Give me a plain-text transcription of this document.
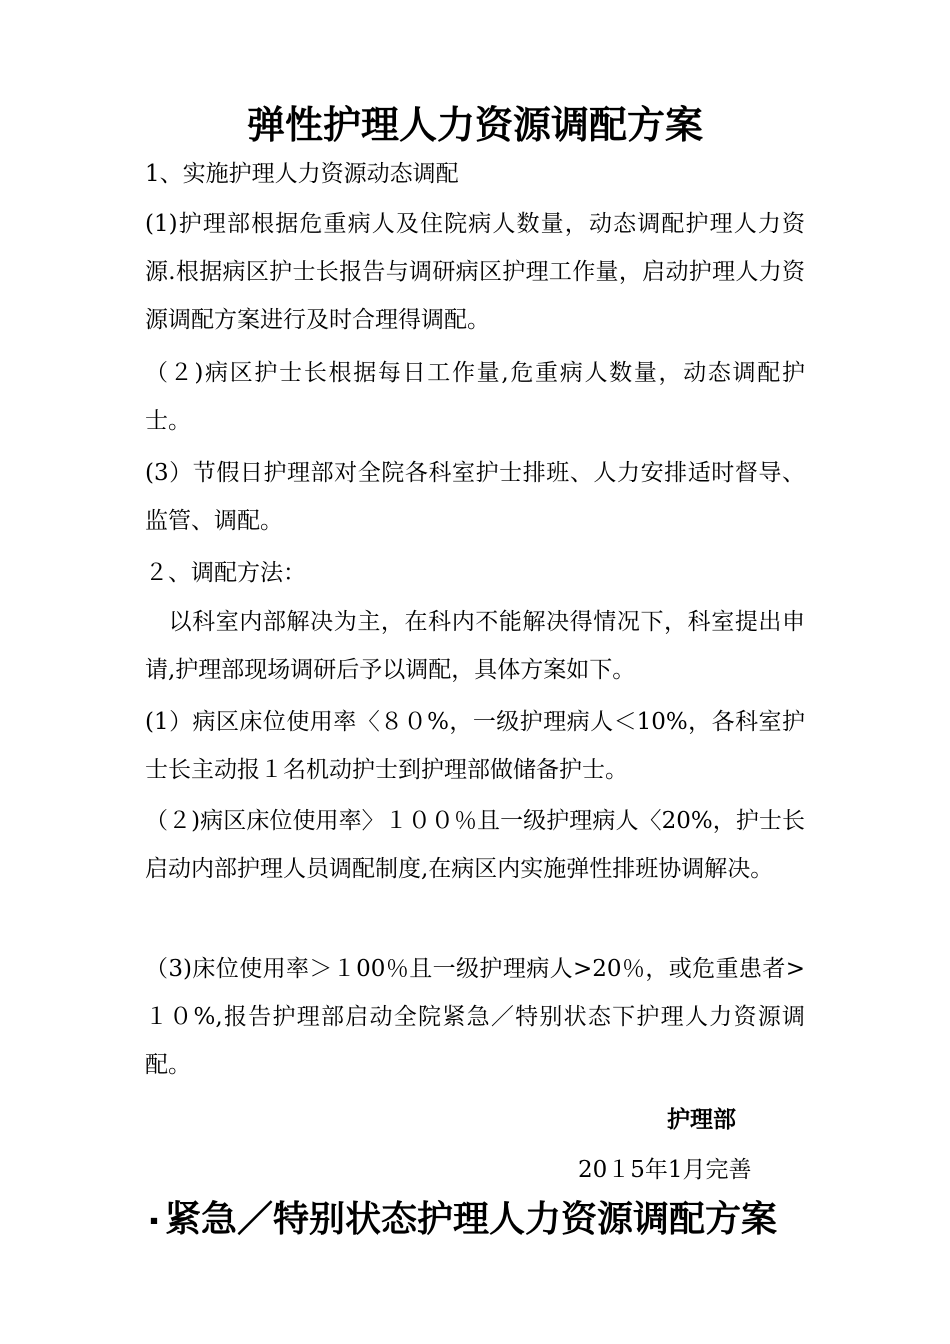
弹性护理人力资源调配方案
1、实施护理人力资源动态调配
(1)护理部根据危重病人及住院病人数量，动态调配护理人力资源.根据病区护士长报告与调研病区护理工作量，启动护理人力资源调配方案进行及时合理得调配。
（２)病区护士长根据每日工作量,危重病人数量，动态调配护士。
(3）节假日护理部对全院各科室护士排班、人力安排适时督导、监管、调配。
２、调配方法：
　以科室内部解决为主，在科内不能解决得情况下，科室提出申请,护理部现场调研后予以调配，具体方案如下。
(1）病区床位使用率〈８０%，一级护理病人＜10%，各科室护士长主动报１名机动护士到护理部做储备护士。
（２)病区床位使用率〉１００％且一级护理病人〈20%，护士长启动内部护理人员调配制度,在病区内实施弹性排班协调解决。
（3)床位使用率＞１00％且一级护理病人>20％，或危重患者>１０%,报告护理部启动全院紧急／特别状态下护理人力资源调配。
护理部
20１5年1月完善
۰紧急／特别状态护理人力资源调配方案
